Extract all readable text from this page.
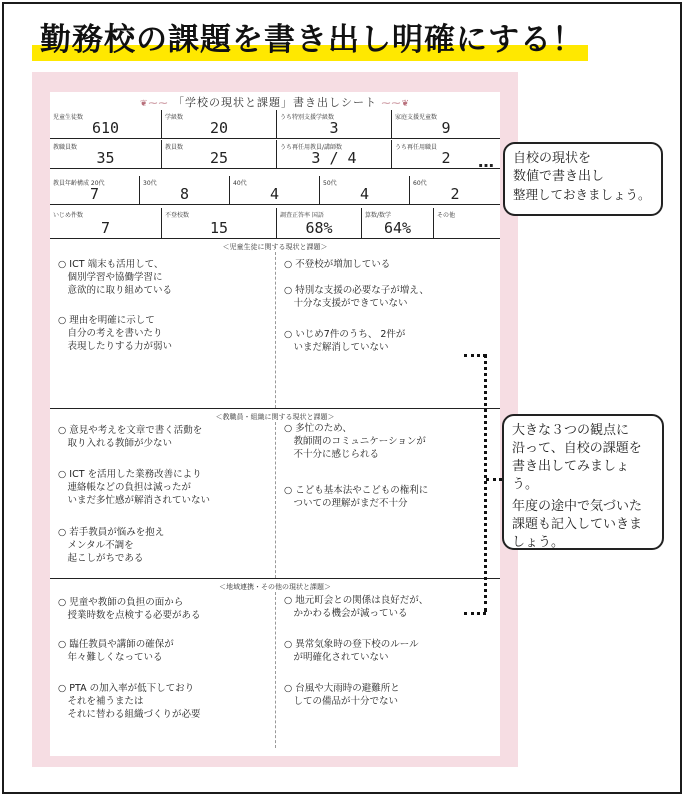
勤務校の課題を書き出し明確にする！
❦⁓⁓ 「学校の現状と課題」書き出しシート ⁓⁓❦
児童生徒数
610
学級数
20
うち特別支援学級数
3
家庭支援児童数
9
教職員数
35
教員数
25
うち再任用教員/講師数
3 / 4
うち再任用職員
2
教員年齢構成 20代
7
30代
8
40代
4
50代
4
60代
2
いじめ件数
7
不登校数
15
調査正答率 国語
68%
算数/数学
64%
その他
＜児童生徒に関する現状と課題＞
○ ICT 端末も活用して、
　個別学習や協働学習に
　意欲的に取り組めている
○ 理由を明確に示して
　自分の考えを書いたり
　表現したりする力が弱い
○ 不登校が増加している
○ 特別な支援の必要な子が増え、
　十分な支援ができていない
○ いじめ7件のうち、 2件が
　いまだ解消していない
＜教職員・組織に関する現状と課題＞
○ 意見や考えを文章で書く活動を
　取り入れる教師が少ない
○ ICT を活用した業務改善により
　連絡帳などの負担は減ったが
　いまだ多忙感が解消されていない
○ 若手教員が悩みを抱え
　メンタル不調を
　起こしがちである
○ 多忙のため、
　教師間のコミュニケーションが
　不十分に感じられる
○ こども基本法やこどもの権利に
　ついての理解がまだ不十分
＜地域連携・その他の現状と課題＞
○ 児童や教師の負担の面から
　授業時数を点検する必要がある
○ 臨任教員や講師の確保が
　年々難しくなっている
○ PTA の加入率が低下しており
　それを補うまたは
　それに替わる組織づくりが必要
○ 地元町会との関係は良好だが、
　かかわる機会が減っている
○ 異常気象時の登下校のルール
　が明確化されていない
○ 台風や大雨時の避難所と
　しての備品が十分でない
… 自校の現状を

数値で書き出し

整理しておきましょう。

大きな３つの観点に

沿って、自校の課題を

書き出してみましょう。

年度の途中で気づいた

課題も記入していきま

しょう。
